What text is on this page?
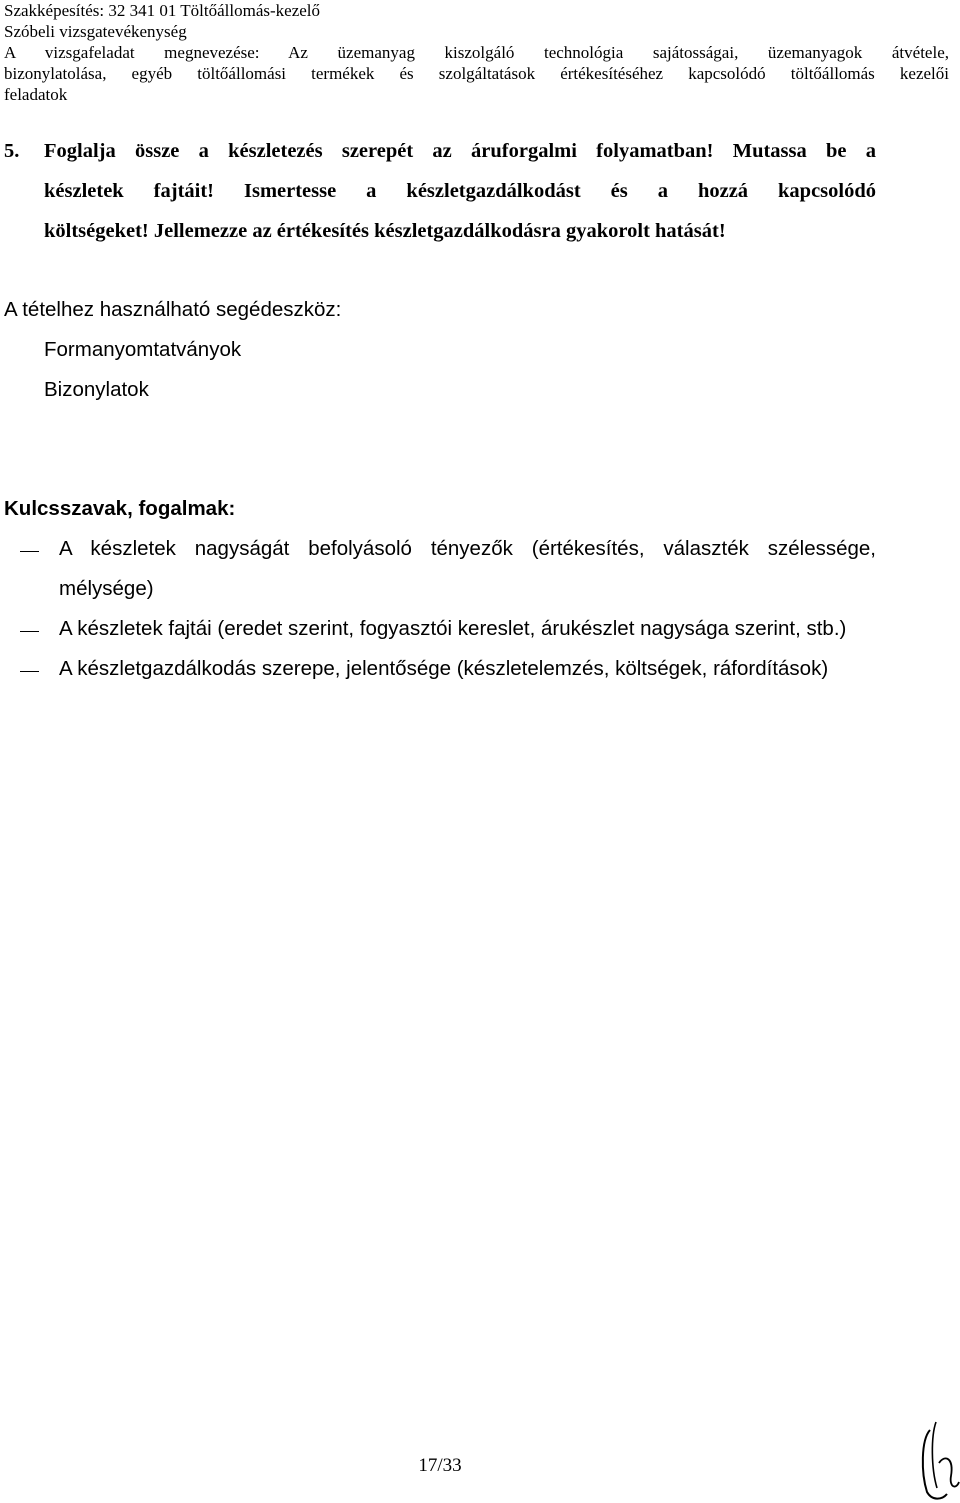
Szakképesítés: 32 341 01 Töltőállomás-kezelő
Szóbeli vizsgatevékenység
A vizsgafeladat megnevezése: Az üzemanyag kiszolgáló technológia sajátosságai, üzemanyagok átvétele,
bizonylatolása, egyéb töltőállomási termékek és szolgáltatások értékesítéséhez kapcsolódó töltőállomás kezelői
feladatok
5. Foglalja össze a készletezés szerepét az áruforgalmi folyamatban! Mutassa be a
készletek fajtáit! Ismertesse a készletgazdálkodást és a hozzá kapcsolódó
költségeket! Jellemezze az értékesítés készletgazdálkodásra gyakorolt hatását!
A tételhez használható segédeszköz:
Formanyomtatványok
Bizonylatok
Kulcsszavak, fogalmak:
A készletek nagyságát befolyásoló tényezők (értékesítés, választék szélessége, mélysége)
A készletek fajtái (eredet szerint, fogyasztói kereslet, árukészlet nagysága szerint, stb.)
A készletgazdálkodás szerepe, jelentősége (készletelemzés, költségek, ráfordítások)
17/33
